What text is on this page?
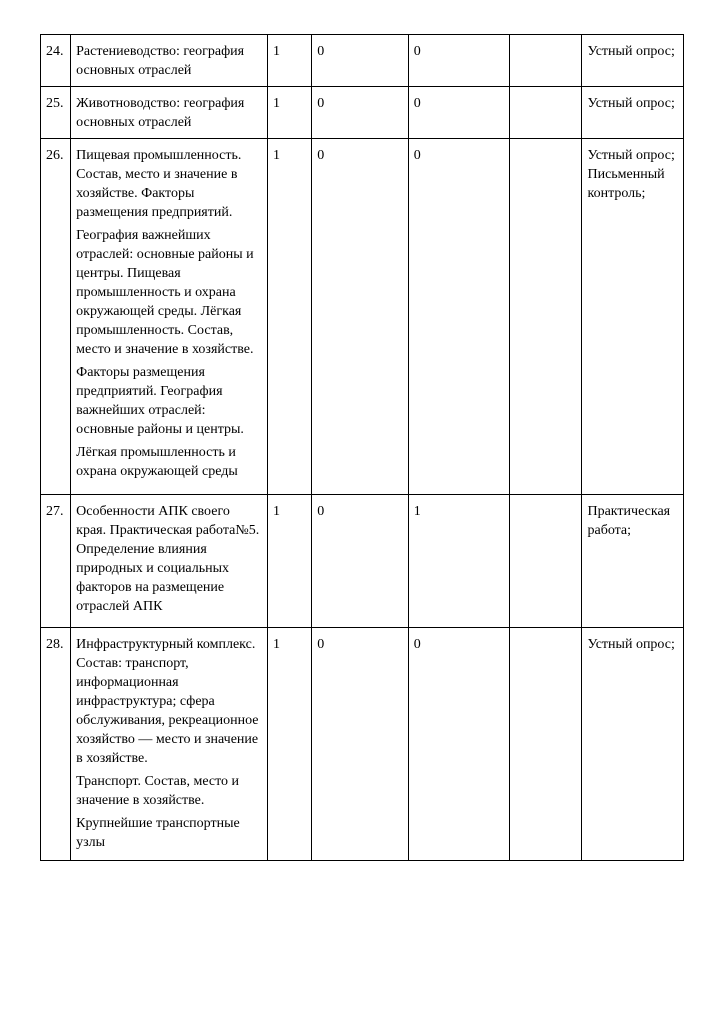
24.	Растениеводство: география основных отраслей	1	0	0		Устный опрос;

25.	Животноводство: география основных отраслей	1	0	0		Устный опрос;

26.	Пищевая промышленность. Состав, место и значение в хозяйстве. Факторы размещения предприятий.
География важнейших отраслей: основные районы и центры. Пищевая промышленность и охрана окружающей среды. Лёгкая промышленность. Состав, место и значение в хозяйстве.
Факторы размещения предприятий. География важнейших отраслей: основные районы и центры.
Лёгкая промышленность и охрана окружающей среды	1	0	0		Устный опрос;
Письменный контроль;

27.	Особенности АПК своего края. Практическая работа№5. Определение влияния природных и социальных факторов на размещение отраслей АПК	1	0	1		Практическая работа;

28.	Инфраструктурный комплекс. Состав: транспорт, информационная инфраструктура; сфера обслуживания, рекреационное хозяйство — место и значение в хозяйстве.
Транспорт. Состав, место и значение в хозяйстве.
Крупнейшие транспортные узлы	1	0	0		Устный опрос;
